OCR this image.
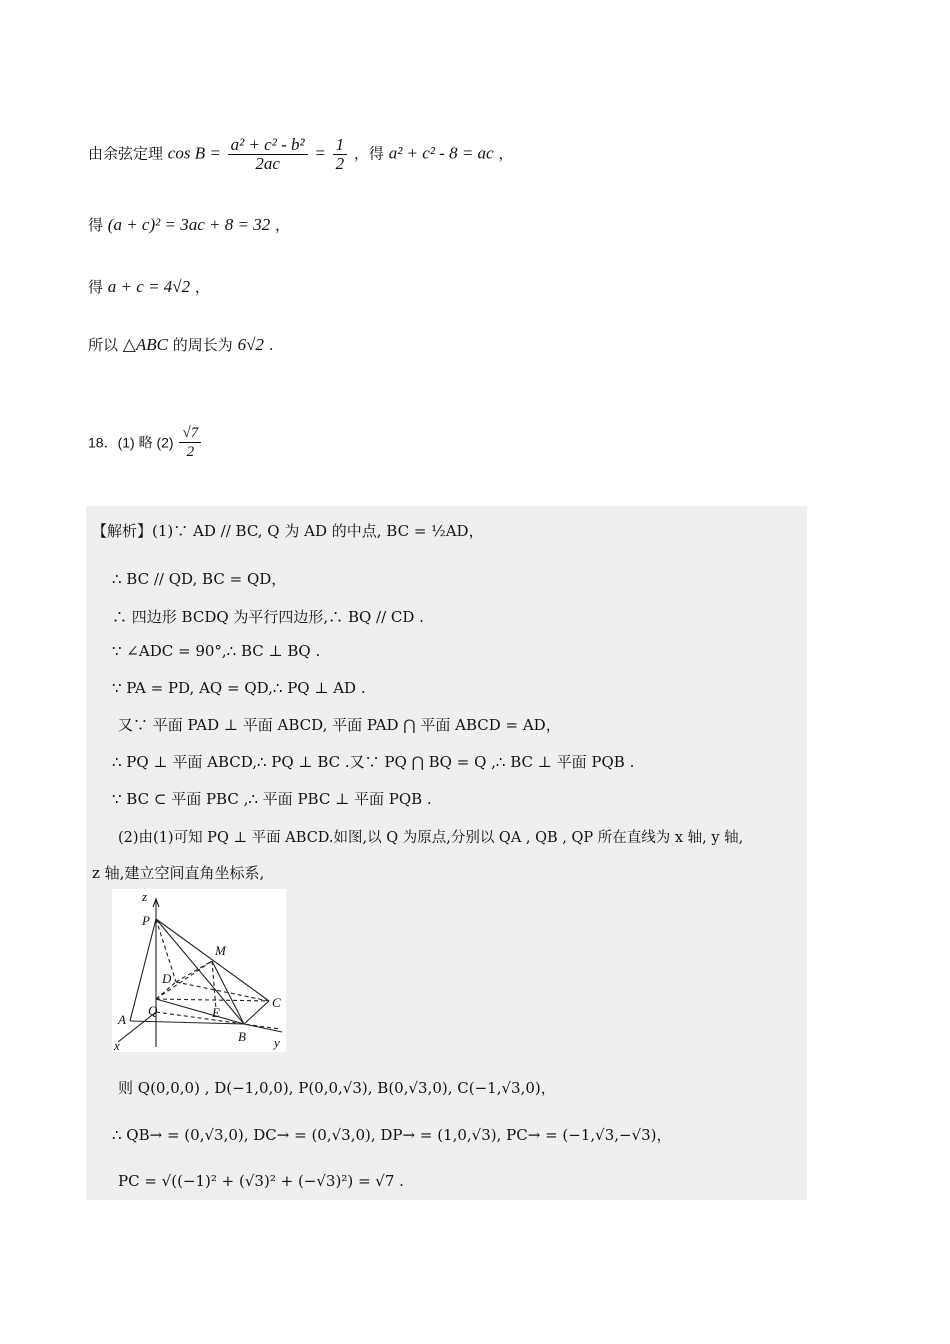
由余弦定理 $\cos B = \frac{\text{a² + c² - b²}}{2ac} = \frac{1}{2}$ ，得 a² + c² - 8 = ac ，
得 (a + c)² = 3ac + 8 = 32 ，
得 a + c = 4√2 ，
所以 △ABC 的周长为 6√2 .
18．(1) 略 $(2) \frac{√7}{2}$
【解析】(1)∵ AD // BC, Q 为 AD 的中点, BC = ½AD，
∴ BC // QD, BC = QD，
∴ 四边形 BCDQ 为平行四边形,∴ BQ // CD .
∵ ∠ADC = 90°,∴ BC ⊥ BQ .
∵ PA = PD, AQ = QD,∴ PQ ⊥ AD .
又∵ 平面 PAD ⊥ 平面 ABCD, 平面 PAD ⋂ 平面 ABCD = AD，
∴ PQ ⊥ 平面 ABCD,∴ PQ ⊥ BC .又∵ PQ ⋂ BQ = Q ,∴ BC ⊥ 平面 PQB .
∵ BC ⊂ 平面 PBC ,∴ 平面 PBC ⊥ 平面 PQB .
(2)由(1)可知 PQ ⊥ 平面 ABCD.如图,以 Q 为原点,分别以 QA , QB , QP 所在直线为 x 轴, y 轴,
z 轴,建立空间直角坐标系,
z
P
M
D
C
A
Q	E
B
x	y
则 Q(0,0,0) , D(−1,0,0), P(0,0,√3), B(0,√3,0), C(−1,√3,0)，
∴ QB→ = (0,√3,0), DC→ = (0,√3,0), DP→ = (1,0,√3), PC→ = (−1,√3,−√3)，
PC = √((−1)² + (√3)² + (−√3)²) = √7 .
